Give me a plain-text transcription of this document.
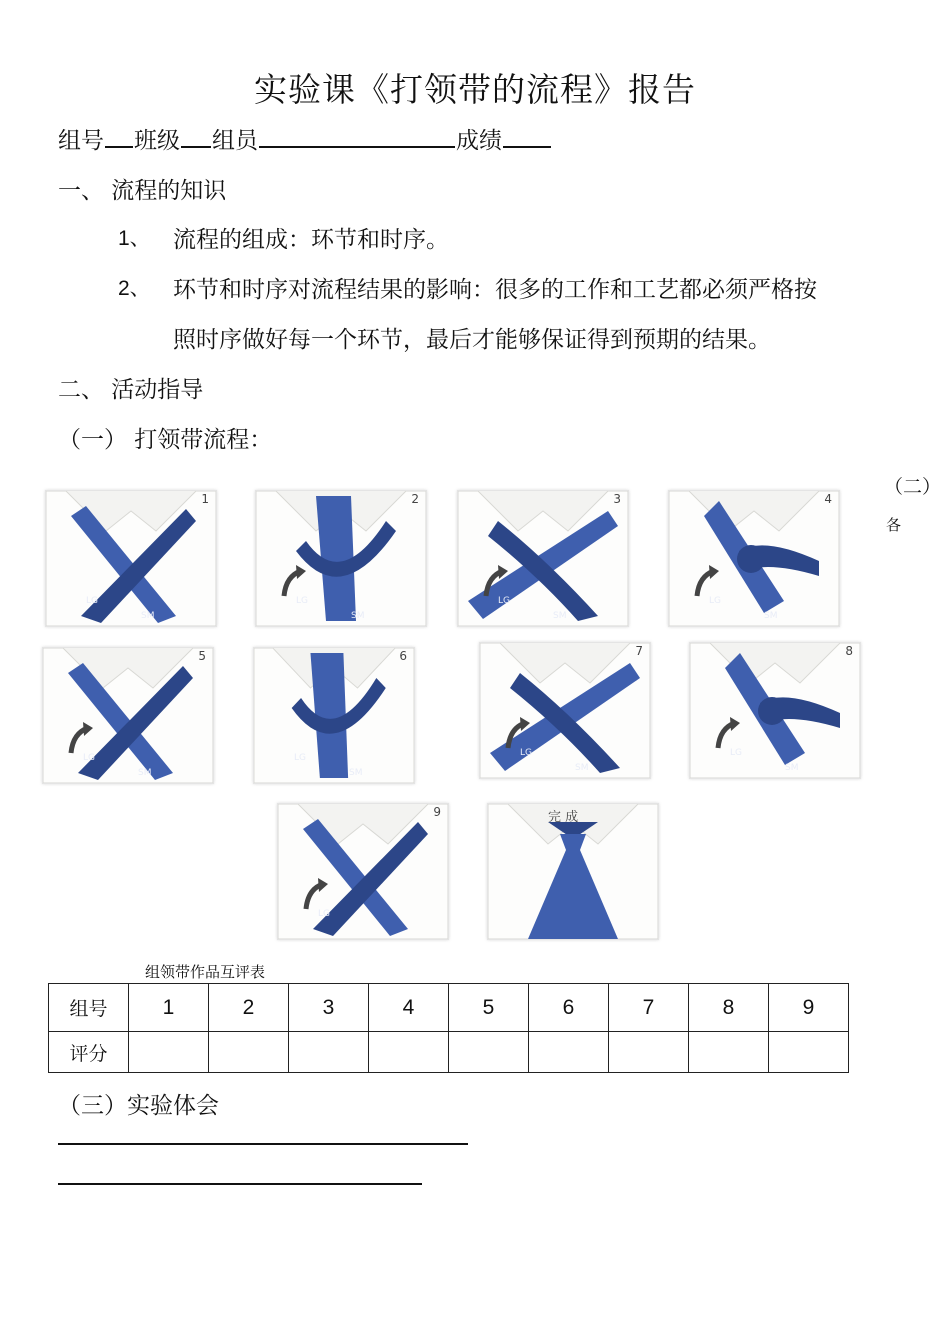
实验课《打领带的流程》报告
组号 班级 组员	成绩
一、 流程的知识
1、 流程的组成：环节和时序。
2、 环节和时序对流程结果的影响：很多的工作和工艺都必须严格按
照时序做好每一个环节，最后才能够保证得到预期的结果。
二、 活动指导
（一） 打领带流程：
（二）
各
1
LG
SM
2
LG
SM
3
LG
SM
4
LG
SM
5
LG
SM
6
LG
SM
7
LG
SM
8
LG
SM
9
LG
完 成
组领带作品互评表
组号	1	2	3	4	5	6	7	8	9
评分									
（三）实验体会
